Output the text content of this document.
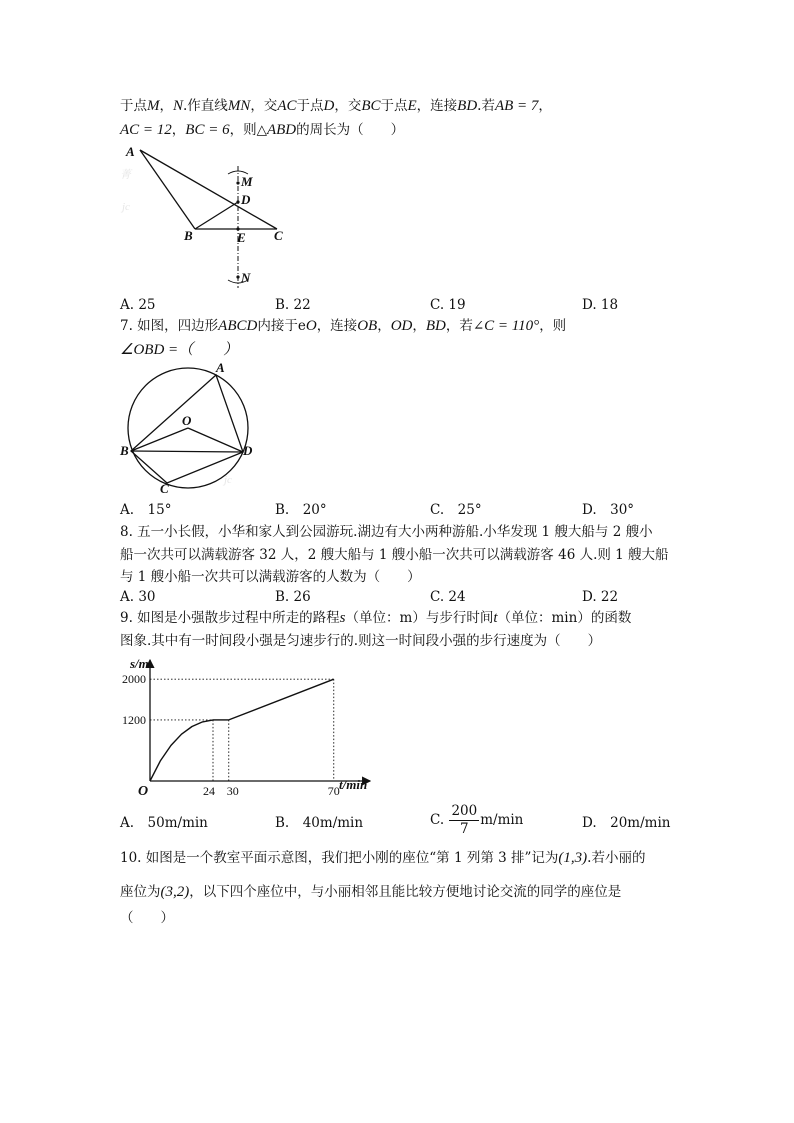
于点M，N.作直线MN，交AC于点D，交BC于点E，连接BD.若AB = 7，
AC = 12，BC = 6，则△ABD的周长为（　　）
菁
jc
A
M
D
B	E C
N
A. 25	B. 22	C. 19	D. 18
7. 如图，四边形ABCD内接于eO，连接OB，OD，BD，若∠C = 110°，则
∠OBD =（　　）
A
O
B	D
C
jc
A.　15°	B.　20°	C.　25°	D.　30°
8. 五一小长假，小华和家人到公园游玩.湖边有大小两种游船.小华发现 1 艘大船与 2 艘小
船一次共可以满载游客 32 人，2 艘大船与 1 艘小船一次共可以满载游客 46 人.则 1 艘大船
与 1 艘小船一次共可以满载游客的人数为（　　）
A. 30	B. 26	C. 24	D. 22
9. 如图是小强散步过程中所走的路程s（单位：m）与步行时间t（单位：min）的函数
图象.其中有一时间段小强是匀速步行的.则这一时间段小强的步行速度为（　　）
1200
2000
24 30	70
s/m
t/min
O
A.　50m/min	B.　40m/min	C. $\frac{200}{7} m/\min$	D.　20m/min
10. 如图是一个教室平面示意图，我们把小刚的座位“第 1 列第 3 排”记为(1,3).若小丽的
座位为(3,2)，以下四个座位中，与小丽相邻且能比较方便地讨论交流的同学的座位是
（　　）
